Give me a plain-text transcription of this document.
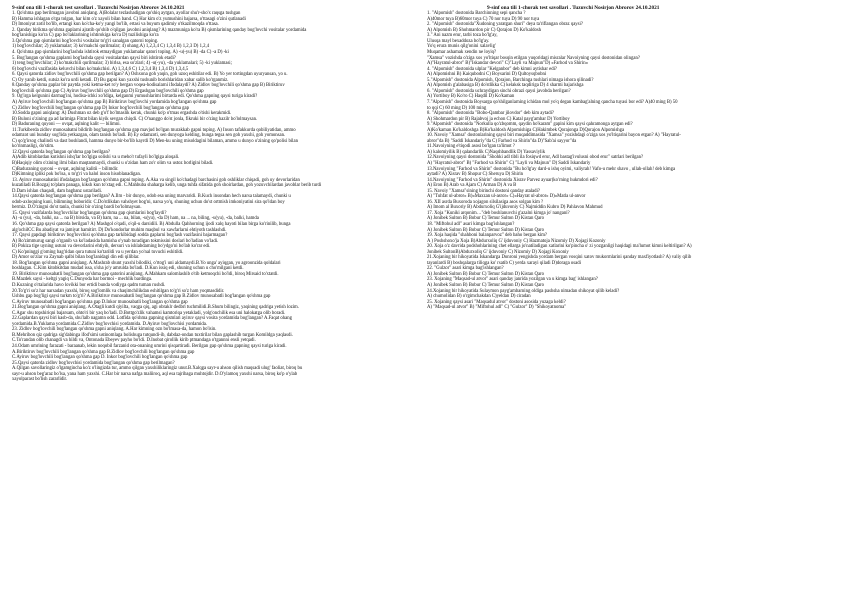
9-sinf ona tili 1-chorak test savollari . Tuzuvchi Nosirjon Abrorov 24.10.2021

1. Qo'shma gap berilmagan javobni aniqlang. A)Bolalar tezlashadigan qo'shiq aytgan, ayollar shu'r-sho'x raqsga tushgan

B) Hamma ishlagan o'tga tolgan, har kim o'z xayoli bilan band. C) Har kim o'z yumushini bajarsa, o'ttasagi o'zini qutlanadi

D) Imoniyat zotil bo'lib, ertangi kun ko'cha-ko'y yangi bo'lib, ertasi va buyum qadimiy o'tkazilmoqda o'ttasa.

2. Qanday birikma qo'shma gaplarni ajratib qo'shib o'qilgan javobni aniqlang? A) mazmuniga ko'ra B) qismlarining qanday bog'lovchi vositalar yordamida

bog'lanishiga ko'ra C) gap bo'laklarining ishtirokiga ko'ra D) tuzilishiga ko'ra

3.Qo'shma gap qismlarini bog'lovchi vositalar to'g'ri sanalgan qatorni toping.

1) bog'lovchilar; 2) yuklamalar; 3) ko'makchi qurilmalar; 4) ohang.A) 1,2,3,4 C) 1,3,4 B) 1,2,3 D) 1,2,4

4. Qo'shma gap qismlarini bog'lashda ishtirok etmaydigan yuklamalar qatori toping. A) -u(-yu) B) -da C) -a D) -ki

5. Bog'langan qo'shma gaplarni bog'lashda qaysi vositalardan qaysi biri ishtirok etadi?

1) teng bog'lovchilar; 2) ko'makchili qurilmalar; 3) birlsa, esa so'zlari; 4) -u(-yu), -da yuklamalari; 5) -ki yuklamasi;

6) bog'lovchi vazifasida keluvchi bilan ko'makchisi. A) 1,3,4,6 C) 1,2,3,4 B) 1,3,4 D) 1,3,4,5

6. Qaysi qatorda zidlov bog'lovchili qo'shma gap berilgan? A) Oshxona goh yaqin, goh uzoq eshitilar edi. B) Yo yer tortingdan uyuryansan, yo u.

C) Oy yanib ketdi, sutsiz ko'ra urdi ketadi. D) Bu gapni kun yaxshi tushunib borishlaridan xabar salib ko'rganmiz.

8.Qanday qo'shma gaplar bir paytda yoki ketma-ket ro'y bergan voqea-hodisalarni ifodalaydi? A) Zidlov bog'lovchili qo'shma gap B) Biriktiruv

bog'lovchili qo'shma gap C) Ayiruv bog'lovchili qo'shma gap D) Ergashgan bog'lovchili qo'shma gap

9. Og'irga kelgunini darmag'ini, hodisa-ichki xo'ldiga, kelganmi yumushlarimi birtarda edi. Qo'shma gapning qaysi turiga kiradi?

A) Ayiruv bog'lovchili bog'langan qo'shma gap B) Biriktiruv bog'lovchi yordamida bog'langan qo'shma gap

C) Zidlov bog'lovchili bog'langan qo'shma gap D) Inkor bog'lovchili bog'langan qo'shma gap

10.Sodda gapni aniqlang: A) Dushman oz deb g'o'f bo'lmaslik kerak, chunki ko'p o'tmas ergashda o'tishi kerakmidi.

B) Buloni o'zining ga ad larimiga Fitrat bilan kiyik sevgan chiqdi. C) O'nanggo do'st jonla, fikruki bir o'zing hazilr bo'lolmaysan.

D) Baduraning quyoni — ovqat, aqlning kalit — bilimni.

11.Turkiberda zidlov munosabatni bildirib bog'langan qo'shma gap mavjud bo'lgan murakkab gapni toping. A) Inson tafakkurda qobiliyatidan, ammo

odamzot uni bunday sog'lida yetkazgan, olam tanish bo'ladi. B) Ey odamzoti, sen dunyoga kelding, bunga tegsa sen goh yaxshi, goh yomonsan.

C) qo'g'irsog chalindi va dast boshlandi, hamma dunyo bir-bo'lib kayrdi D) Men-ku uning misoldagini bilaman, ammo u dunyo o'zining qo'polisi bilan

ko'rinmasligi, do'stim.

12.Qaysi qatorda bog'langan qo'shma gap berilgan?

A)Adib kitoblardan kutishni ishq'lar bo'lgiga solishi va u meho'r tufayli bo'lgiga aloqali.

B)Haqiqiy olim o'zining ilmi bilan maqtanmaydi, chunki u o'zidan ham zo'r olim va ustoz borligini biladi.

C)Baduraning quyoni – ovqat, aqlning kalitii – bilimdir.

D)Kimning ipliki pok bo'lsa, u to'g'ri va halol inson hisoblanadigan.

13. Ayiruv munosabatini ifodalagan bog'langan qo'shma gapni toping. A.Aka va singil ko'chadagi barchasini goh oshliklar chiqadi, goh uy devorlaridan

kuzatiladi B.Bozgaj to'plam panaga, kiksh kun to'xtag edi. C.Mahbuba shaharga kelib, unga tuhfa sifatida goh shoirlardan, goh yozuvchilardan javoblar berib turdi

D.Dam ishlan chaqadi, dam bagbanz ustariladi.

14.Qaysi qatorda bog'langan qo'shma gap berilgan? A.Ilm - bir dunyo, odob esa uning marvaridi. B.Kuch insondan hech narsa talamaydi, chunki u

odob-axloqning kuni, bilimning boboridir. C.Do'stlikdan vahshyet bog'ni, narsa yo'q, shuning uchun do'st ortmish imkoniyatini sira qo'ldan boy

bermiz. D.O'zingni do'st tanla, chunki bir o'zing bardi bo'lolmaysan.

15. Qaysi vazifalarda bog'lovchilar bog'langan qo'shma gap qismlarini bog'laydi?

A) -u (yu), -da, balki, na ... na B) birsida, va B) ham, na ... na, bilan, -u(yu), -da D) ham, na ... na, biling, -u(yu), -da, balki, hamda

16. Qo'shma gap qaysi qatorda berilgan? A) Mashgol o'qadi, o'qil-u darsidili. B) Abdulla Qahhorning ijodi xalq hayoti bilan birga ko'rinilib, bunga

alg'ochilCC Bu abadiyat va jamiyat hamitirr. D) Do'kondorlar muhim maqbul va xawfarlarni ehtiyoth tashlashdi.

17. Qaysi gapdagi biriktiruv bog'lovchisi qo'shma gap tarkibidagi sodda gaplarni bog'lash vazifasini bajarmagan?

A) Ro'zimmurug sangi o'rganib va ko'ladasida hamisha o'ynab turadigan tokmissini doslari bo'ladian vo'ladi.

B) Pokiza tige uyning ustuni va devorlarini ehtiyih, dersuri va ishlabdarning bo'ydgo'ni bo'lab ko'rar edi.

C) Ko'pninggi g'oming bag'ridan qora tutuni ko'tarildi va u yerdan yo'nal tuvuchi eshitildi.

D) Amor so'zlar va Zaynab qalbi bilan bog'lanidagi din edi qiliblar.

18. Bog'langan qo'shma gapni aniqlang. A.Mashrab shunt yaxshi bilodiki, o'rtog'i uni aldamaydi.B.Yo unga' ayiqgan, yo agroonzida qoldalari

boshlagan. C.Kim kitobkitdan mudad issa, u'sha jo'y amrulda bo'ladi. D.Kun issiq edi, shuning uchun u cho'milgani ketdi.

19. Biriktiruv munosabatli bog'langan qo'shma gap qatorini aniqlang. A.Mahkam salomlashib o'tib ketmoqchi bo'ldi, biroq Mirsaid to'xtatdi.

B.Mazdek saysi - keltgi yagiq C.Dunyoda har bormoi - mechlik bardinga.

D.Kuzning o'rtalarida havo lovikki bor ertidi bunda vodiyga qadm tuman rushdi.

20.To'g'ri so'z har narsadan yaxshi, biroq sog'lomlik va chaqimchilikdan eshitilgan to'g'ri so'z ham yoqmasdidir.

Ushbu gap bog'ligi qaysi turkm to'g'ri? A.Biriktiruv munosabatli bog'langan qo'shma gap B.Zidlov munosabatli bog'langan qo'shma gap

C.Ayiruv munosabatli bog'langan qo'shma gap D.Inkor munosabatli bog'langan qo'shma gap

21.Bog'langan qo'shma gapni aniqlang. A.Otagli kutdi qiyilta, vaqga qiq, agi obraklr dedbri tuchmilidi.B.Shum bilingiz, yaqining qadriga yetish lozim.

C.Agar shu topshiriqni bajarsam, ohto'ri bir yaq bo'ladi. D.Bottgo'zlik vahamsi kamtoriqa yetakladi, yolg'onchilik esa uni halokatga olib boradi.

22.Gaplardan qaysi biri kasb-da, shu'lalb nagamn odd. Lotfida qo'shma gapning qismlari ayiruv qaysi vosita yordamida bog'langan? A.Faqat ohang

yordamida.B.Yuklama yordamida.C.Zidlov bog'lovchisi yordamida. D.Ayiruv bog'lovchisi yordamida.

23. Zidlov bog'lovchili bog'langan qo'shma gapni aniqlang. A.Har kimning ozn bo'lmasa-da, hamon bo'lsin.

B.Mehribon qiz qadriga sig'dabinga ifod'simi ustinomlaga bolishuga tutqundi-ib, dabdaz-ondan tuxtirilar bilan gaplashib turgan Komildga yaqlasdi.

C.To'randan olib chanagdi va hildi va, Ontonada Ebeyev payho bo'ldi. D.Inobat qirollik kirib ptmandaga o'tgannni ensli yetqadi.

24.Odam umrining farazati - baraanab, lekin noqobil farzanid ota-onaning umrini qisqartiradi. Berilgan gap qo'shma gapning qaysi turiga kiradi.

A.Biriktiruv bog'lovchili bog'langan qo'shma gap B.Zidlov bog'lovchili bog'langan qo'shma gap

C.Ayiruv bog'lovchili bog'langan qo'shma gap D. Inkor bog'lovchili bog'langan qo'shma gap

25.Qaysi qatorda zidlov bog'lovchisi yordamida bog'langan qo'shma gap berilmagan?

A.Qilgan savollaringiz o'lgamgincha ko'z o'lingizda tur, ammo qilgan yaxshiliklaringiz unut.B.Xalqga sayr-u ahson qilish maqsadi ulug' faoliat, biroq bu

sayr-u ahson beg'araz bo'lsa, yana ham yaxshi. C.Har bir narsa nafga maliiroq, aql esa tajribaga muhtojdir. D.O'ylamoq yaxshi narsa, biroq ko'p o'ylab

xayolparast bo'lish zararlidir.

9-sinf ona tili 1-chorak test savollari . Tuzuvchi Nosirjon Abrorov 24.10.2021

1. "Alpomish" dostonida Barchinning sepi qancha ?

A)40mor tuya B)60mor tuya C) 70 nor tuya D) 90 nor tuya

2. "Alpomish" dostonida"Xudoning yaratgan shuri" deya ta'riflangan obraz qaysi?

A) Alpomish B) Shohmardon pir C) Qorajon D) Ko'kaldosh

3." Ani nazm erur, tarbi toza bo'lg'ay,

Ulusqa mayl bexaddoza bo'lg'ay.

Yo'q erura munis qilg'onini xalavlig'

Muqamar ashamak xendin ne loyiq?

"Xamsa" vozishda o'ziga xos yo'ltiqar bosqin etilgan yuqoridagi misralar Navoiyning qaysi dostonidan olingan?

A)"Hayratul-abror" B)"Iskandar devori" C)"Layli va Majnun"D) «Farhod va Shirin»

4. "Alpomish" dostonida ulplar "Kelganbor" deb kimni aytishar edi?

A) Alpomishni B) Kaiqubodni C) Boysarini D) Qultoysqbobni

5."Alpomish" dostonida Alpomish, Qorajon, Barchinga tushlari nimaga ishora qilinadi?

A) Alpomish g'alabasiga B) do'stlikka C) kelaksk taqdiriga D) 4 sharmi bajarishga

6. "Alpomish" dostonida uchraydigan sinchi obrazi qaysi javobda berilgan?

A) Yortiboy B) Ko'ro C) Haqdil D) Ko'kaman

7."Alpomish" dostonida Boysarga qo'shilganlarning ichidan mol yo'q degan kambag'alning qancha tuyasi bor edi? A)40 ming B) 50

to qqi C) 60 ming D) 100 ming

8. "Alpomish" dostonida "Bobo-Qambar jilovdor" deb kim aytadi?

A) Shohmardon pir B) Rajabvoj ja echon C) Katal payg'ambar D) Yortiboy

9."Alpomish" dostonida "Norkulla qo'zbqomm, qaydin ho'karam" gapini kim qaysi qahramonga aytgan edi?

A)Ko'kaman Ko'kaldoshga B)Ko'kaldosh Alpomishiga C)Hakimbek Qorajonga D)Qorajon Alpomishga

10. Navoiy "Xamsa" dostonlarining qaysi biri muqaddimasida "Xamsa" yozishdagi o'ziga xos yo'ltiqarini bayon etgan? A) "Hayratul-

abror"da B) "Saddi Iskandariy"da C) Farhod va Shirin"da D)"Sab'ai sayyor"da

11.Navoiyning e'tiqodi asosi bo'lgan ta'limot ?

A) kalomiyilik B) qalandarlik C)Naqshbandlik D) Yassaviylik

12.Navoiyning qaysi dostonida "Shohki adl tibli ila fosiqwd erur, Adl bastag'ivulusni obod erur" satrlari berilgan?

A) "Hayratul-abror" B) "Farhod va Shirin" C) "Layli va Majnun" D) Saddi Iskandariy

13.Navoiyning "Farhod va Shirin" dostonida "Bu ho'lg'ay dard-u ishq oyimi, valiyrah! Vafo-u mehr shavo , ullah-ollah! deb kimga

aytadi? A) Xisrav B) Shopur C) Sheruya D) Shirin

14.Navoiyning "Farhod va Shirin" dostonida Xisrav Parvez ayuar(ko'rning hukmdori edi?

A) Eron B) Arab va Ajam C) Arman D) A va B

15. Navoiy "Xamsa"sining birinchi dostoni qanday ataladi?

A) "Tuhfat ul-abror» B)«Maxzan ul-asror» C)«Hayrat ul-abror» D)«Matla ul-anvor

16. XII asrda Buxoroda xojagon silsilasiga asos solgan kim ?

A) Imom al Buxoriy B) Abdurxoliq G'ijduvoniy C) Najmiddin Kubro D) Pahlavon Mahmud

17. Xoja "Kuniki arqonim…"deb boshlanuvchi g'azalni kimga jo' nangani?

A) Jonibek Sulton B) Bobur C) Temur Sulton D) Kistan Qaro

18. "Miftohul adl" asari kimga bag'ishlangan?

A) Jonibek Sulton B) Bobur C) Temur Sulton D) Kistan Qaro

19. Xoja haqida "shahboni balanparvoz" deb baho bergan kim?

A ) Poshshoxo'ja Xoja B)Abdurxoliq G' ijduvoniy C) Hazmatoja Nizomiy D) Xojagi Kozoniy

20. Xoja o'z davrida podshohlarining chet ellarga jo'natiladigan xatlarini ko'pincha o' zi yozganligi haqidagi ma'lumot kimni keltirilgan? A)

Jonibek SultonB)Abdurxoliq G' ijduvoniy C) Nizomiy D) Xojagi Koxoniy

21.Xojaning bir hikoyatida Iskandarga Donroni yengishda yordam bergan vosqini xatov mukormlarini qanday maxfiyotlash? A) valiy qilib

tayanlardi B) boshqalarga tiliqga ko' rsatib C) yerda xarayi qiladi D)doraga osadi

22. "Gulzor" asari kimga bag'ishlangan?

A) Jonibek Sulton B) Bobur C) Temur Sulton D) Kistan Qaro

23. Xojaning "Maqsad-ul atvor" asari qanday janrida yozilgan va u kimga bag' ishlangan?

A) Jonibek Sulton B) Bobur C) Temur Sulton D) Kistan Qaro

24.Xojaning bir hikoyatida Sulaymon payg'ambarning oldiga pashsha nimadan shikoyat qilib keladi?

A) chumolidan B) o'rgimchakdan C)yeldan D) ciradan

25. Xojaning qaysi asari "Maqsadul atvor" dostoni asosida yuzaga keldi?

A) "Maqsad-ul atvor" B) "Miftohul adl" C) "Gulzor" D) "Shikoyatnoma"
